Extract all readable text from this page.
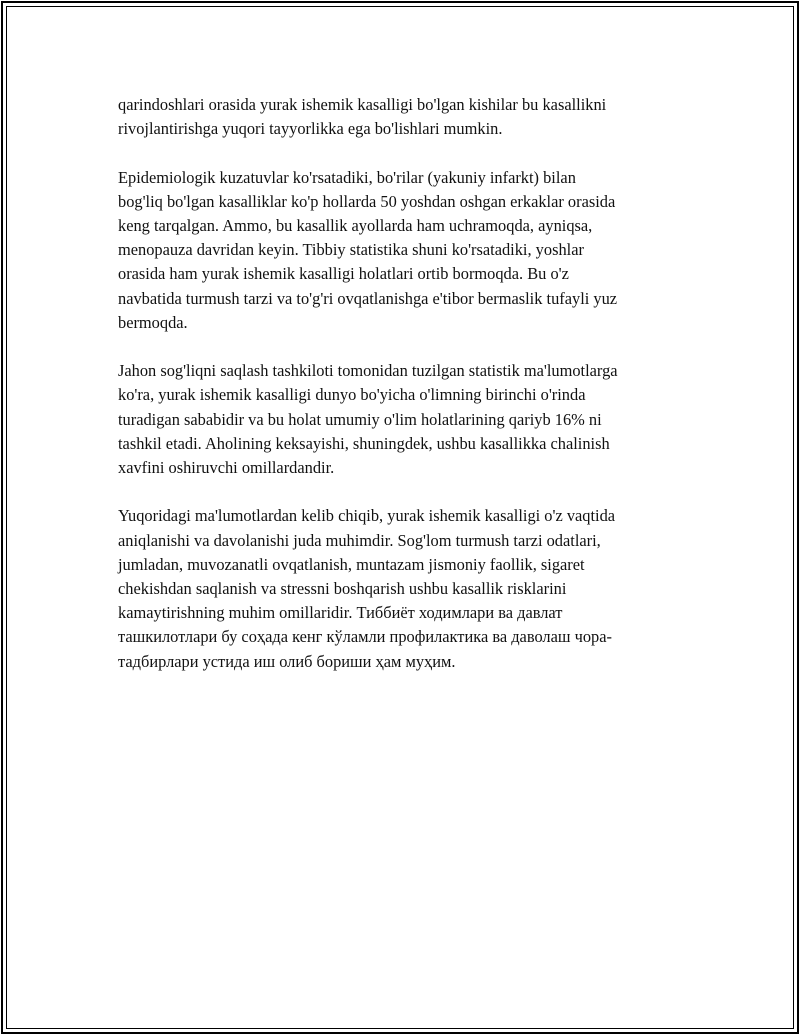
qarindoshlari orasida yurak ishemik kasalligi bo'lgan kishilar bu kasallikni
rivojlantirishga yuqori tayyorlikka ega bo'lishlari mumkin.

Epidemiologik kuzatuvlar ko'rsatadiki, bo'rilar (yakuniy infarkt) bilan
bog'liq bo'lgan kasalliklar ko'p hollarda 50 yoshdan oshgan erkaklar orasida
keng tarqalgan. Ammo, bu kasallik ayollarda ham uchramoqda, ayniqsa,
menopauza davridan keyin. Tibbiy statistika shuni ko'rsatadiki, yoshlar
orasida ham yurak ishemik kasalligi holatlari ortib bormoqda. Bu o'z
navbatida turmush tarzi va to'g'ri ovqatlanishga e'tibor bermaslik tufayli yuz
bermoqda.

Jahon sog'liqni saqlash tashkiloti tomonidan tuzilgan statistik ma'lumotlarga
ko'ra, yurak ishemik kasalligi dunyo bo'yicha o'limning birinchi o'rinda
turadigan sababidir va bu holat umumiy o'lim holatlarining qariyb 16% ni
tashkil etadi. Aholining keksayishi, shuningdek, ushbu kasallikka chalinish
xavfini oshiruvchi omillardandir.

Yuqoridagi ma'lumotlardan kelib chiqib, yurak ishemik kasalligi o'z vaqtida
aniqlanishi va davolanishi juda muhimdir. Sog'lom turmush tarzi odatlari,
jumladan, muvozanatli ovqatlanish, muntazam jismoniy faollik, sigaret
chekishdan saqlanish va stressni boshqarish ushbu kasallik risklarini
kamaytirishning muhim omillaridir. Тиббиёт ходимлари ва давлат
ташкилотлари бу соҳада кенг кўламли профилактика ва даволаш чора-
тадбирлари устида иш олиб бориши ҳам муҳим.
